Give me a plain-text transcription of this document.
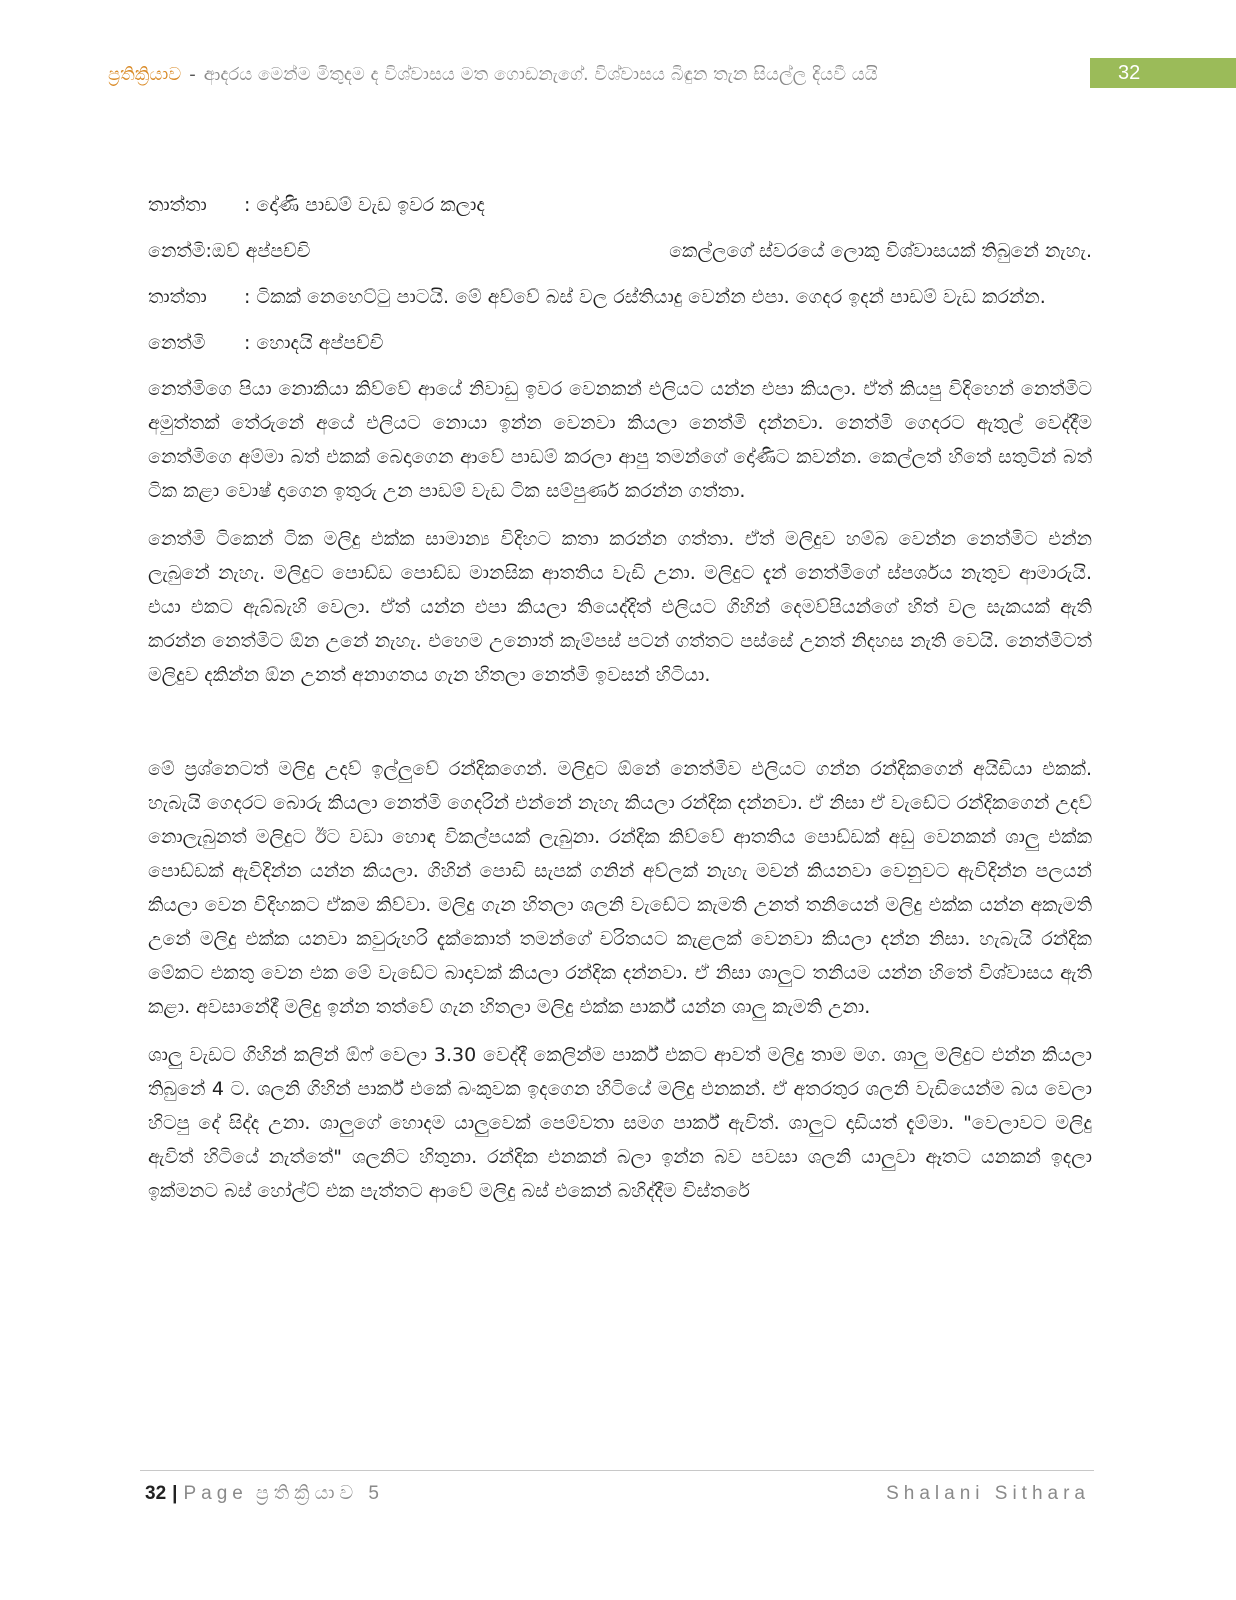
ප්‍රතික්‍රියාව - ආදරය මෙන්ම මිතුදම ද විශ්වාසය මත ගොඩනැගේ. විශ්වාසය බිඳුන තැන සියල්ල දියවී යයි	32
තාත්තා : දෝණි පාඩම් වැඩ ඉවර කලාද
නෙත්මි:ඔව් අප්පච්චි	කෙල්ලගේ ස්වරයේ ලොකු විශ්වාසයක් තිබුනේ නැහැ.
තාත්තා : ටිකක් නෙහෙට්ටු පාටයි. මේ අව්වේ බස් වල රස්තියාදු වෙන්න එපා. ගෙදර ඉදන් පාඩම් වැඩ කරන්න.
නෙත්මි : හොදයි අප්පච්චි

නෙත්මිගෙ පියා නොකියා කිව්වේ ආයේ නිවාඩු ඉවර වෙනකන් එලියට යන්න එපා කියලා. ඒත් කියපු විදිහෙන් නෙත්මිට අමුත්තක් තේරුනේ අයේ එලියට නොයා ඉන්න වෙනවා කියලා නෙත්මි දන්නවා. නෙත්මි ගෙදරට ඇතුල් වෙද්දීම නෙත්මිගෙ අම්මා බත් එකක් බෙදාගෙන ආවේ පාඩම් කරලා ආපු තමන්ගේ දෝණිට කවන්න. කෙල්ලත් හිතේ සතුටින් බත් ටික කළා වොෂ් දාගෙන ඉතුරු උන පාඩම් වැඩ ටික සම්පුර්ණ කරන්න ගත්තා.

නෙත්මි ටිකෙන් ටික මලිදු එක්ක සාමාන්‍ය විදිහට කතා කරන්න ගත්තා. ඒත් මලිදුව හම්බ වෙන්න නෙත්මිට එන්න ලැබුනේ නැහැ. මලිදුට පොඩ්ඩ පොඩ්ඩ මානසික ආතතිය වැඩි උනා. මලිදුට දැන් නෙත්මිගේ ස්පර්ශය නැතුව ආමාරුයි. එයා එකට ඇබ්බැහි වෙලා. ඒත් යන්න එපා කියලා තියෙද්දිත් එලියට ගිහින් දෙමව්පියන්ගේ හිත් වල සැකයක් ඇති කරන්න නෙත්මිට ඕන උනේ නැහැ. එහෙම උනොත් කැම්පස් පටන් ගත්තට පස්සේ උනත් නිදහස නැති වෙයි. නෙත්මිටත් මලිදුව දකින්න ඕන උනත් අනාගතය ගැන හිතලා නෙත්මි ඉවසන් හිටියා.

මේ ප්‍රශ්නෙටත් මලිදු උදව් ඉල්ලුවේ රන්දිකගෙන්. මලිදුට ඕනේ නෙත්මිව එලියට ගන්න රන්දිකගෙන් අයිඩියා එකක්. හැබැයි ගෙදරට බොරු කියලා නෙත්මි ගෙදරින් එන්නේ නැහැ කියලා රන්දික දන්නවා. ඒ නිසා ඒ වැඩේට රන්දිකගෙන් උදව් නොලැබුනත් මලිදුට ඊට වඩා හොඳ විකල්පයක් ලැබුනා. රන්දික කිව්වේ ආතතිය පොඩ්ඩක් අඩු වෙනකන් ශාලු එක්ක පොඩ්ඩක් ඇවිදින්න යන්න කියලා. ගිහින් පොඩි සැපක් ගනින් අව්ලක් නැහැ මචන් කියනවා වෙනුවට ඇවිදින්න පලයන් කියලා වෙන විදිහකට ඒකම කිව්වා. මලිදු ගැන හිතලා ශලනි වැඩේට කැමති උනත් තනියෙන් මලිදු එක්ක යන්න අකැමති උනේ මලිදු එක්ක යනවා කවුරුහරි දැක්කොත් තමන්ගේ චරිතයට කැළලක් වෙනවා කියලා දන්න නිසා. හැබැයි රන්දික මේකට එකතු වෙන එක මේ වැඩේට බාදාවක් කියලා රන්දික දන්නවා. ඒ නිසා ශාලුට තනියම යන්න හිතේ විශ්වාසය ඇති කළා. අවසානේදී මලිදු ඉන්න තත්වේ ගැන හිතලා මලිදු එක්ක පාර්ක් යන්න ශාලු කැමති උනා.

ශාලු වැඩට ගිහින් කලින් ඕෆ් වෙලා 3.30 වෙද්දී කෙලින්ම පාර්ක් එකට ආවත් මලිදු තාම මග. ශාලු මලිදුට එන්න කියලා තිබුනේ 4 ට. ශලනි ගිහින් පාර්ක් එකේ බංකුවක ඉදගෙන හිටියේ මලිදු එනකන්. ඒ අතරතුර ශලනි වැඩියෙන්ම බය වෙලා හිටපු දේ සිද්ද උනා. ශාලුගේ හොදම යාලුවෙක් පෙම්වතා සමග පාර්ක් ඇවිත්. ශාලුට දාඩියත් දැම්මා. "වෙලාවට මලිදු ඇවිත් හිටියේ නැත්තේ" ශලනිට හිතුනා. රන්දික එනකන් බලා ඉන්න බව පවසා ශලනි යාලුවා ඈතට යනකන් ඉදලා ඉක්මනට බස් හෝල්ට් එක පැත්තට ආවේ මලිදු බස් එකෙන් බහිද්දීම විස්තරේ

32 | Page ප්‍රතික්‍රියාව 5	Shalani Sithara
